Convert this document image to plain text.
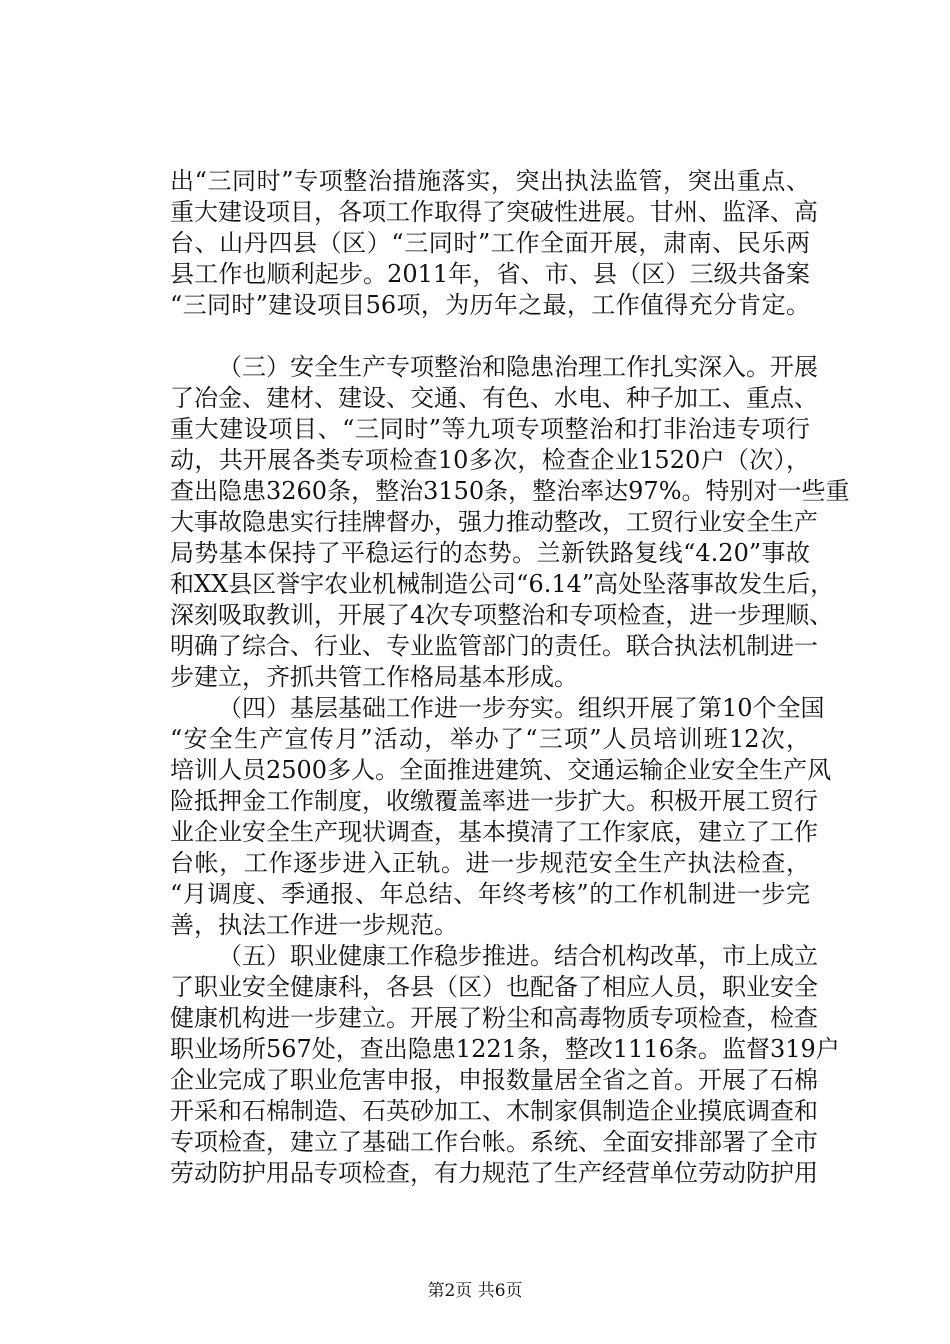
出“三同时”专项整治措施落实，突出执法监管，突出重点、
重大建设项目，各项工作取得了突破性进展。甘州、监泽、高
台、山丹四县（区）“三同时”工作全面开展，肃南、民乐两
县工作也顺利起步。2011年，省、市、县（区）三级共备案
“三同时”建设项目56项，为历年之最，工作值得充分肯定。
（三）安全生产专项整治和隐患治理工作扎实深入。开展
了冶金、建材、建设、交通、有色、水电、种子加工、重点、
重大建设项目、“三同时”等九项专项整治和打非治违专项行
动，共开展各类专项检查10多次，检查企业1520户（次），
查出隐患3260条，整治3150条，整治率达97%。特别对一些重
大事故隐患实行挂牌督办，强力推动整改，工贸行业安全生产
局势基本保持了平稳运行的态势。兰新铁路复线“4.20”事故
和XX县区誉宇农业机械制造公司“6.14”高处坠落事故发生后，
深刻吸取教训，开展了4次专项整治和专项检查，进一步理顺、
明确了综合、行业、专业监管部门的责任。联合执法机制进一
步建立，齐抓共管工作格局基本形成。
（四）基层基础工作进一步夯实。组织开展了第10个全国
“安全生产宣传月”活动，举办了“三项”人员培训班12次，
培训人员2500多人。全面推进建筑、交通运输企业安全生产风
险抵押金工作制度，收缴覆盖率进一步扩大。积极开展工贸行
业企业安全生产现状调查，基本摸清了工作家底，建立了工作
台帐，工作逐步进入正轨。进一步规范安全生产执法检查，
“月调度、季通报、年总结、年终考核”的工作机制进一步完
善，执法工作进一步规范。
（五）职业健康工作稳步推进。结合机构改革，市上成立
了职业安全健康科，各县（区）也配备了相应人员，职业安全
健康机构进一步建立。开展了粉尘和高毒物质专项检查，检查
职业场所567处，查出隐患1221条，整改1116条。监督319户
企业完成了职业危害申报，申报数量居全省之首。开展了石棉
开采和石棉制造、石英砂加工、木制家俱制造企业摸底调查和
专项检查，建立了基础工作台帐。系统、全面安排部署了全市
劳动防护用品专项检查，有力规范了生产经营单位劳动防护用
第2页 共6页
